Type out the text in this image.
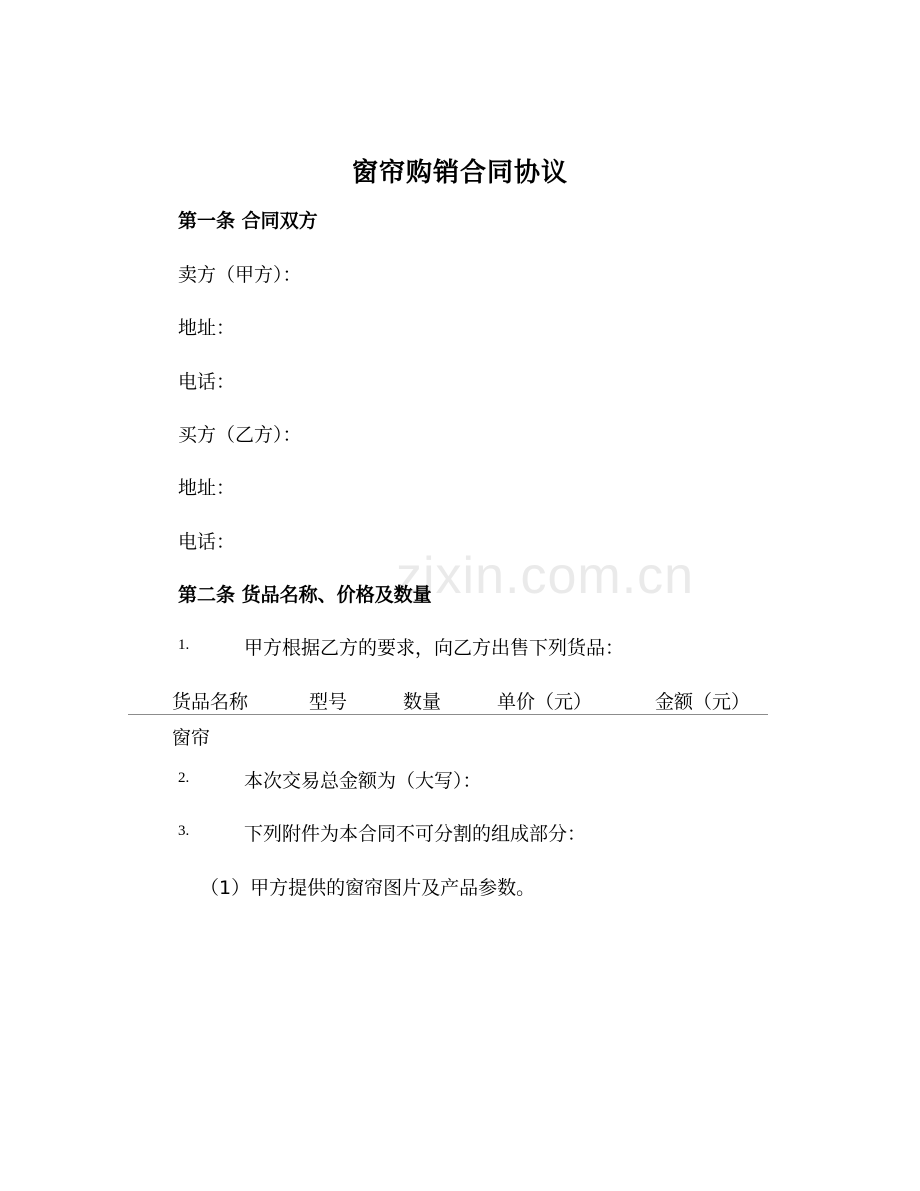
zixin.com.cn
窗帘购销合同协议
第一条 合同双方
卖方（甲方）：
地址：
电话：
买方（乙方）：
地址：
电话：
第二条 货品名称、价格及数量
1.	甲方根据乙方的要求，向乙方出售下列货品：
货品名称	型号	数量	单价（元）	金额（元）
窗帘
2.	本次交易总金额为（大写）：
3.	下列附件为本合同不可分割的组成部分：
（1）甲方提供的窗帘图片及产品参数。
